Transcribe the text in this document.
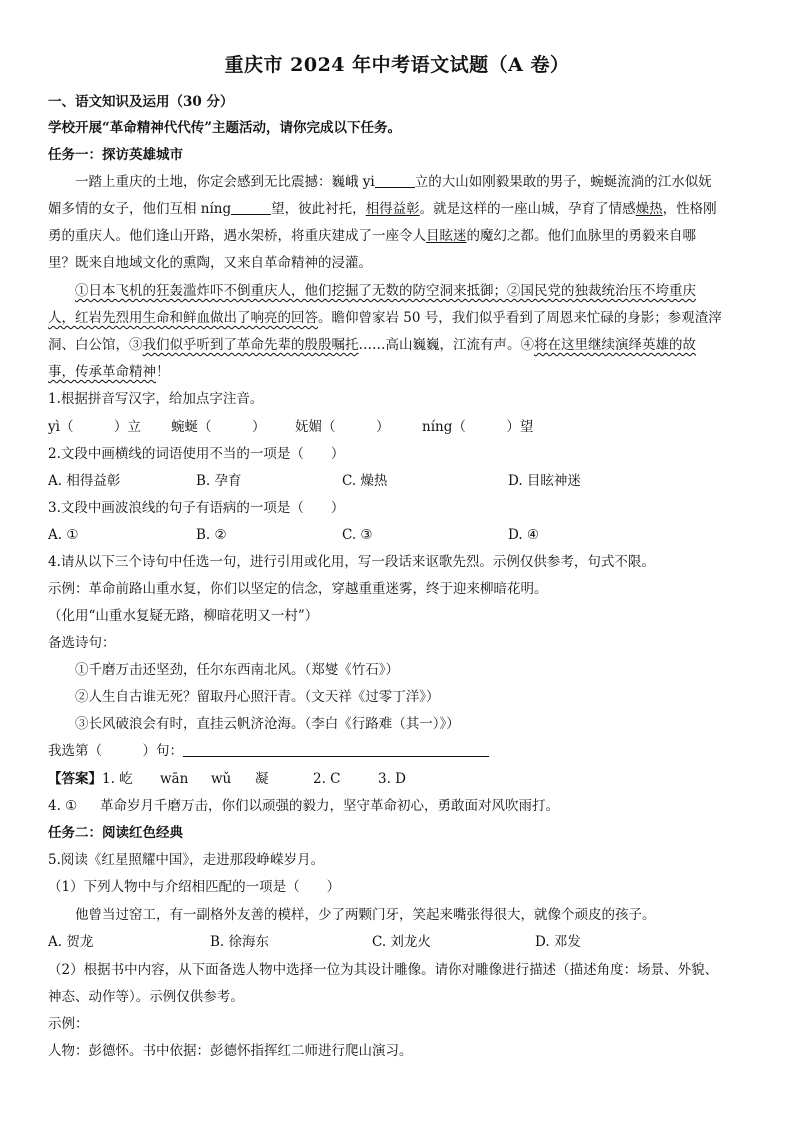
重庆市 2024 年中考语文试题（A 卷）
一、语文知识及运用（30 分）
学校开展“革命精神代代传”主题活动，请你完成以下任务。
任务一：探访英雄城市
一踏上重庆的土地，你定会感到无比震撼：巍峨 yi	立的大山如刚毅果敢的男子，蜿蜒流淌的江水似妩
媚多情的女子，他们互相 níng	望，彼此衬托，相得益彰。就是这样的一座山城，孕育了情感燥热，性格刚
勇的重庆人。他们逢山开路，遇水架桥，将重庆建成了一座令人目眩迷的魔幻之都。他们血脉里的勇毅来自哪
里？既来自地域文化的熏陶，又来自革命精神的浸灌。
①日本飞机的狂轰滥炸吓不倒重庆人，他们挖掘了无数的防空洞来抵御；②国民党的独裁统治压不垮重庆
人，红岩先烈用生命和鲜血做出了响亮的回答。瞻仰曾家岩 50 号，我们似乎看到了周恩来忙碌的身影；参观渣滓
洞、白公馆，③我们似乎听到了革命先辈的殷殷嘱托……高山巍巍，江流有声。④将在这里继续演绎英雄的故
事，传承革命精神！
1.根据拼音写汉字，给加点字注音。
yì（　　　）立 蜿蜒（　　　） 妩媚（　　　） níng（　　　）望
2.文段中画横线的词语使用不当的一项是（　　）
A. 相得益彰	B. 孕育	C. 燥热	D. 目眩神迷
3.文段中画波浪线的句子有语病的一项是（　　）
A. ①	B. ②	C. ③	D. ④
4.请从以下三个诗句中任选一句，进行引用或化用，写一段话来讴歌先烈。示例仅供参考，句式不限。
示例：革命前路山重水复，你们以坚定的信念，穿越重重迷雾，终于迎来柳暗花明。
（化用“山重水复疑无路，柳暗花明又一村”）
备选诗句：
①千磨万击还坚劲，任尔东西南北风。（郑燮《竹石》）
②人生自古谁无死？留取丹心照汗青。（文天祥《过零丁洋》）
③长风破浪会有时，直挂云帆济沧海。（李白《行路难（其一）》）
我选第（　　　）句：
【答案】1. 屹 wān wǔ 凝	2. C	3. D
4. ① 革命岁月千磨万击，你们以顽强的毅力，坚守革命初心，勇敢面对风吹雨打。
任务二：阅读红色经典
5.阅读《红星照耀中国》，走进那段峥嵘岁月。
（1）下列人物中与介绍相匹配的一项是（　　）
他曾当过窑工，有一副格外友善的模样，少了两颗门牙，笑起来嘴张得很大，就像个顽皮的孩子。
A. 贺龙	B. 徐海东	C. 刘龙火	D. 邓发
（2）根据书中内容，从下面备选人物中选择一位为其设计雕像。请你对雕像进行描述（描述角度：场景、外貌、
神态、动作等）。示例仅供参考。
示例：
人物：彭德怀。书中依据：彭德怀指挥红二师进行爬山演习。
